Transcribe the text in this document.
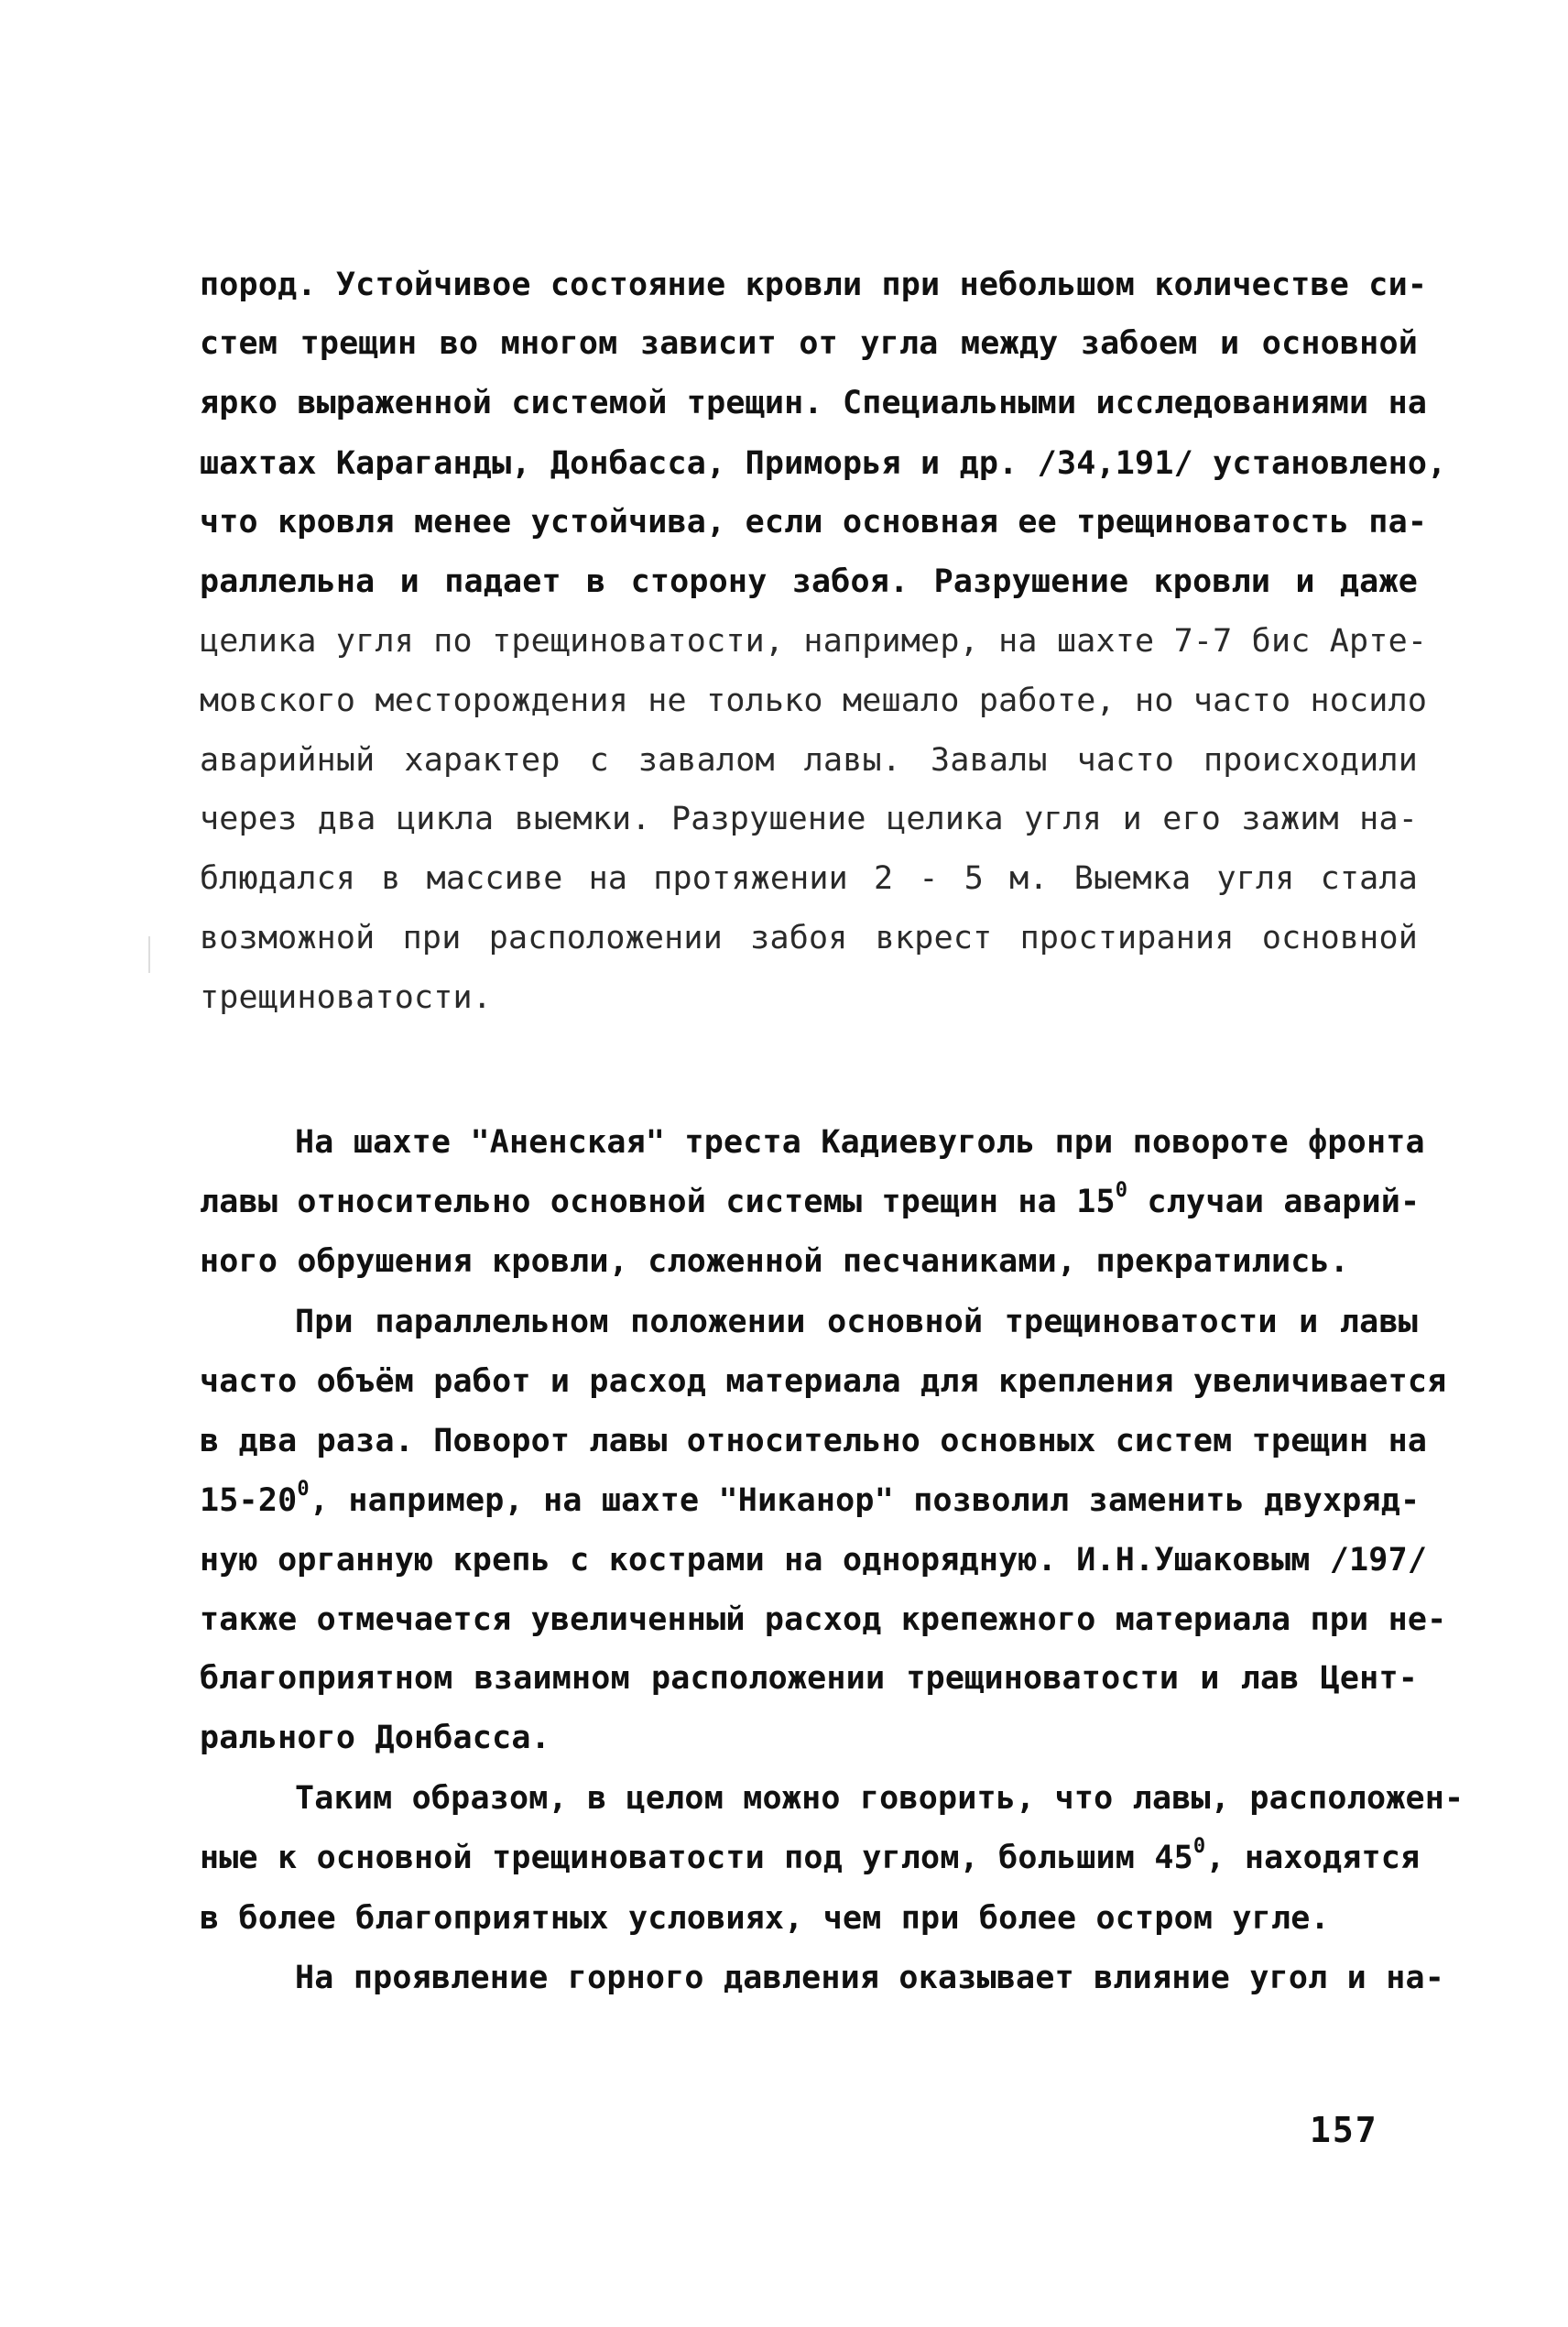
пород. Устойчивое состояние кровли при небольшом количестве си-
стем трещин во многом зависит от угла между забоем и основной
ярко выраженной системой трещин. Специальными исследованиями на
шахтах Караганды, Донбасса, Приморья и др. /34,191/ установлено,
что кровля менее устойчива, если основная ее трещиноватость па-
раллельна и падает в сторону забоя. Разрушение кровли и даже
целика угля по трещиноватости, например, на шахте 7-7 бис Арте-
мовского месторождения не только мешало работе, но часто носило
аварийный характер с завалом лавы. Завалы часто происходили
через два цикла выемки. Разрушение целика угля и его зажим на-
блюдался в массиве на протяжении 2 - 5 м. Выемка угля стала
возможной при расположении забоя вкрест простирания основной
трещиноватости.
На шахте "Аненская" треста Кадиевуголь при повороте фронта
лавы относительно основной системы трещин на $15^0$ случаи аварий-
ного обрушения кровли, сложенной песчаниками, прекратились.
При параллельном положении основной трещиноватости и лавы
часто объём работ и расход материала для крепления увеличивается
в два раза. Поворот лавы относительно основных систем трещин на
$15-20^0$, например, на шахте "Никанор" позволил заменить двухряд-
ную органную крепь с кострами на однорядную. И.Н.Ушаковым /197/
также отмечается увеличенный расход крепежного материала при не-
благоприятном взаимном расположении трещиноватости и лав Цент-
рального Донбасса.
Таким образом, в целом можно говорить, что лавы, расположен-
ные к основной трещиноватости под углом, большим $45^0$, находятся
в более благоприятных условиях, чем при более остром угле.
На проявление горного давления оказывает влияние угол и на-
157
